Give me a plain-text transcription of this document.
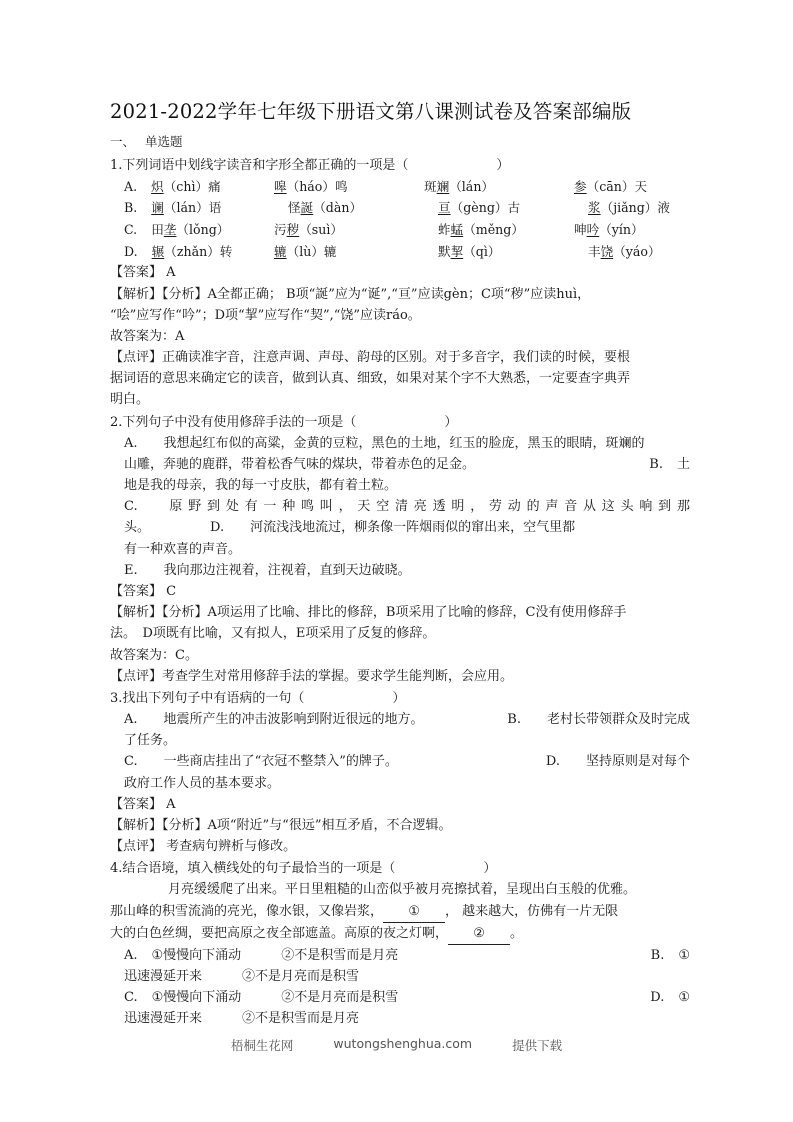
2021-2022学年七年级下册语文第八课测试卷及答案部编版
一、 单选题
1.下列词语中划线字读音和字形全都正确的一项是（	）
A. 炽（chì）痛	嗥（háo）鸣	斑斓（lán）	参（cān）天
B. 谰（lán）语	怪誕（dàn）	亘（gèng）古	浆（jiǎng）液
C. 田垄（lǒng）	污秽（suì）	蚱蜢（měng）	呻吟（yín）
D. 辗（zhǎn）转	辘（lù）辘	默挈（qì）	丰饶（yáo）
【答案】 A
【解析】【分析】A全都正确； B项“誕”应为“诞”,“亘”应读gèn；C项“秽”应读huì，
“哙”应写作“吟”；D项“挈”应写作“契”,“饶”应读ráo。
故答案为：A
【点评】正确读准字音，注意声调、声母、韵母的区别。对于多音字，我们读的时候，要根
据词语的意思来确定它的读音，做到认真、细致，如果对某个字不大熟悉，一定要查字典弄
明白。
2.下列句子中没有使用修辞手法的一项是（	）
A. 我想起红布似的高粱，金黄的豆粒，黑色的土地，红玉的脸庞，黑玉的眼睛，斑斓的
山雕，奔驰的鹿群，带着松香气味的煤块，带着赤色的足金。	B. 土
地是我的母亲，我的每一寸皮肤，都有着土粒。
C. 原野到处有一种鸣叫，天空清亮透明，劳动的声音从这头响到那
头。	D. 河流浅浅地流过，柳条像一阵烟雨似的窜出来，空气里都
有一种欢喜的声音。
E. 我向那边注视着，注视着，直到天边破晓。
【答案】 C
【解析】【分析】A项运用了比喻、排比的修辞，B项采用了比喻的修辞，C没有使用修辞手
法。　D项既有比喻，又有拟人，E项采用了反复的修辞。
故答案为：C。
【点评】考查学生对常用修辞手法的掌握。要求学生能判断，会应用。
3.找出下列句子中有语病的一句（	）
A. 地震所产生的冲击波影响到附近很远的地方。	B. 老村长带领群众及时完成
了任务。
C. 一些商店挂出了“衣冠不整禁入”的牌子。	D. 坚持原则是对每个
政府工作人员的基本要求。
【答案】 A
【解析】【分析】A项“附近”与“很远”相互矛盾，不合逻辑。
【点评】 考查病句辨析与修改。
4.结合语境，填入横线处的句子最恰当的一项是（	）
月亮缓缓爬了出来。平日里粗糙的山峦似乎被月亮擦拭着，呈现出白玉般的优雅。
那山峰的积雪流淌的亮光，像水银，又像岩浆， ① ， 越来越大，仿佛有一片无限
大的白色丝绸，要把高原之夜全部遮盖。高原的夜之灯啊， ② 。
A. ①慢慢向下涌动	②不是积雪而是月亮	B. ①
迅速漫延开来	②不是月亮而是积雪
C. ①慢慢向下涌动	②不是月亮而是积雪	D. ①
迅速漫延开来	②不是积雪而是月亮
梧桐生花网	wutongshenghua.com	提供下载
